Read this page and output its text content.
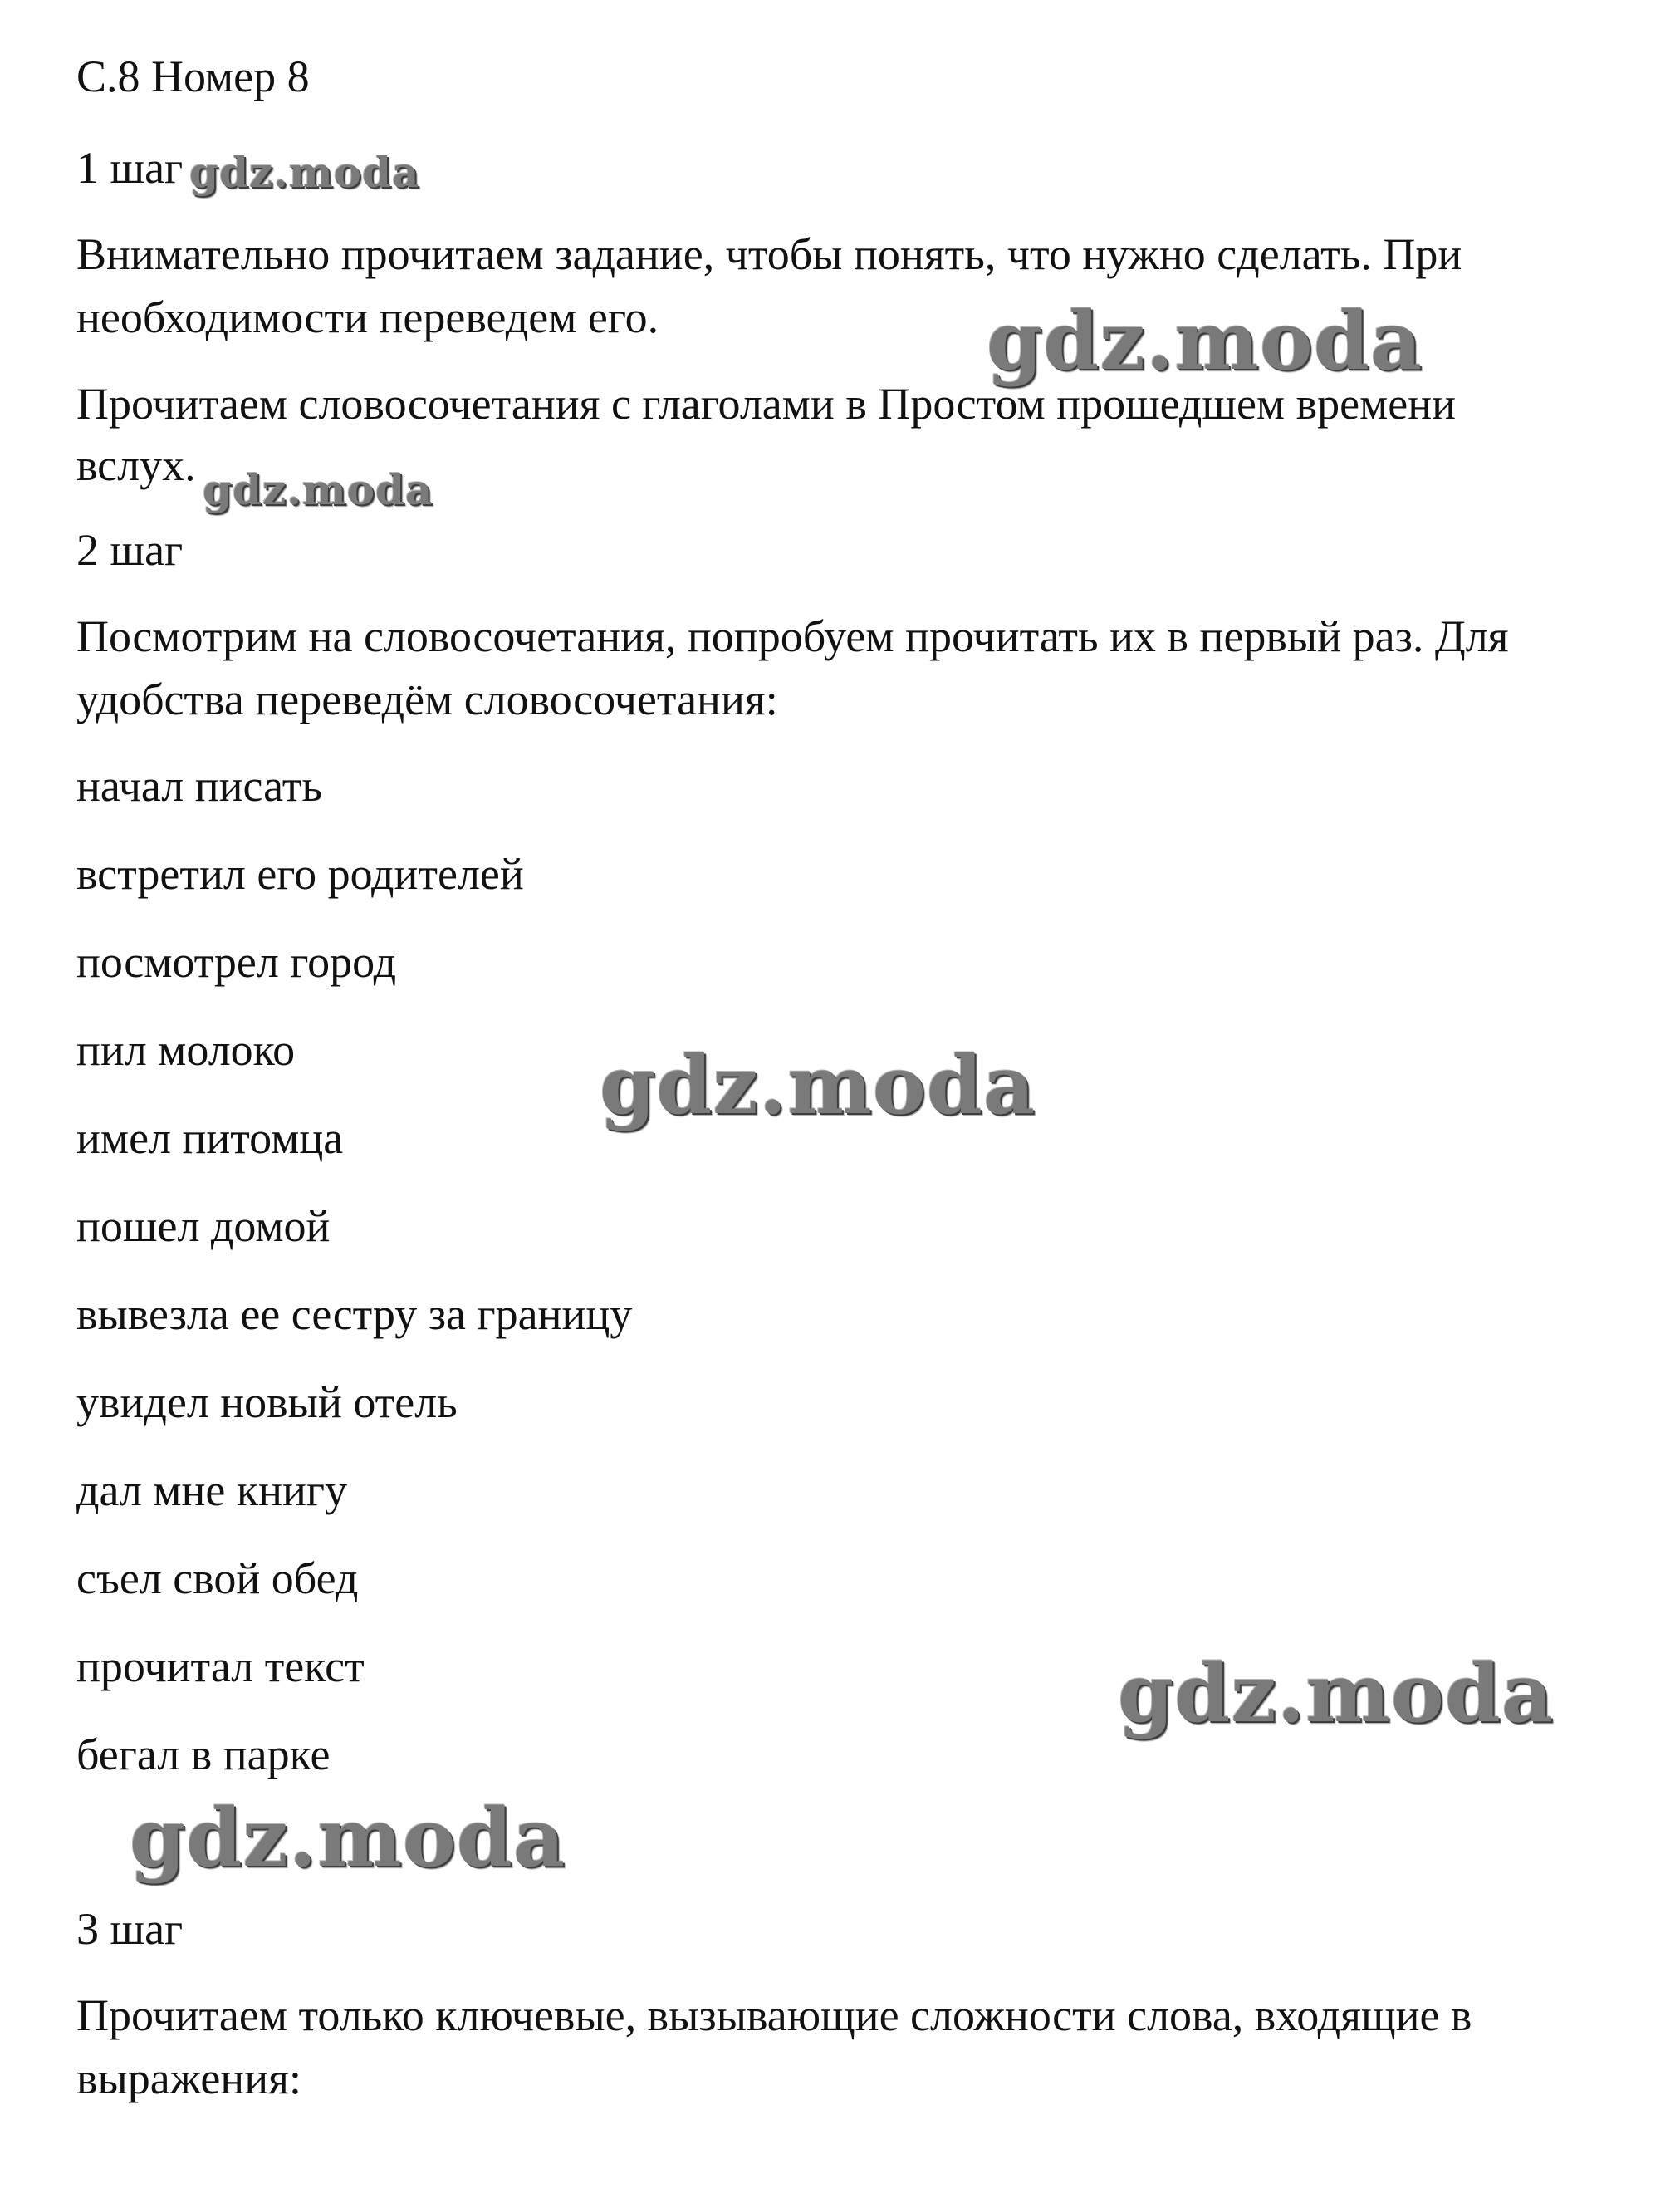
С.8 Номер 8
1 шаг
Внимательно прочитаем задание, чтобы понять, что нужно сделать. При
необходимости переведем его.
Прочитаем словосочетания с глаголами в Простом прошедшем времени
вслух.
2 шаг
Посмотрим на словосочетания, попробуем прочитать их в первый раз. Для
удобства переведём словосочетания:
начал писать
встретил его родителей
посмотрел город
пил молоко
имел питомца
пошел домой
вывезла ее сестру за границу
увидел новый отель
дал мне книгу
съел свой обед
прочитал текст
бегал в парке
3 шаг
Прочитаем только ключевые, вызывающие сложности слова, входящие в
выражения:
gdz.moda
gdz.moda
gdz.moda
gdz.moda
gdz.moda
gdz.moda
